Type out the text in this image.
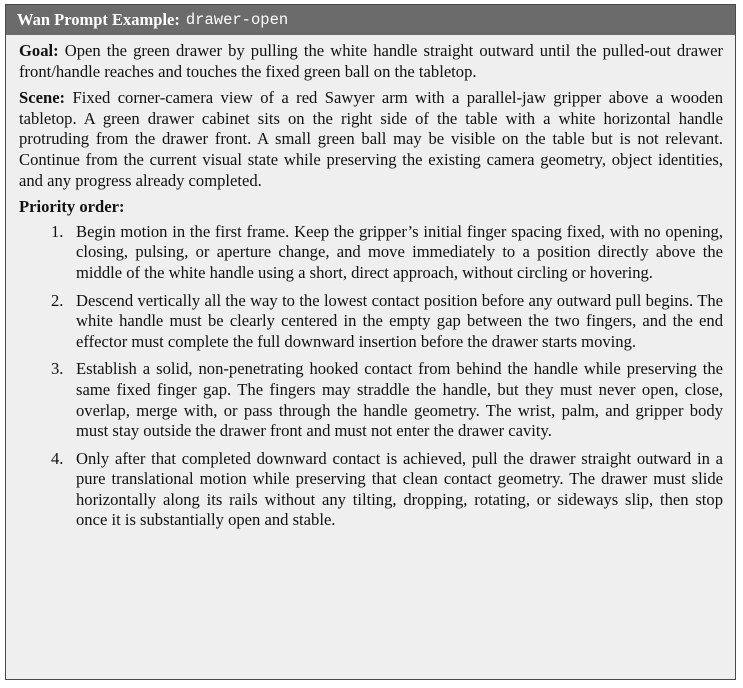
Wan Prompt Example: drawer-open

Goal: Open the green drawer by pulling the white handle straight outward until the pulled-out drawer front/handle reaches and touches the fixed green ball on the tabletop.

Scene: Fixed corner-camera view of a red Sawyer arm with a parallel-jaw gripper above a wooden tabletop. A green drawer cabinet sits on the right side of the table with a white horizontal handle protruding from the drawer front. A small green ball may be visible on the table but is not relevant. Continue from the current visual state while preserving the existing camera geometry, object identities, and any progress already completed.

Priority order:
1. Begin motion in the first frame. Keep the gripper’s initial finger spacing fixed, with no opening, closing, pulsing, or aperture change, and move immediately to a position directly above the middle of the white handle using a short, direct approach, without circling or hovering.
2. Descend vertically all the way to the lowest contact position before any outward pull begins. The white handle must be clearly centered in the empty gap between the two fingers, and the end effector must complete the full downward insertion before the drawer starts moving.
3. Establish a solid, non-penetrating hooked contact from behind the handle while preserving the same fixed finger gap. The fingers may straddle the handle, but they must never open, close, overlap, merge with, or pass through the handle geometry. The wrist, palm, and gripper body must stay outside the drawer front and must not enter the drawer cavity.
4. Only after that completed downward contact is achieved, pull the drawer straight outward in a pure translational motion while preserving that clean contact geometry. The drawer must slide horizontally along its rails without any tilting, dropping, rotating, or sideways slip, then stop once it is substantially open and stable.
